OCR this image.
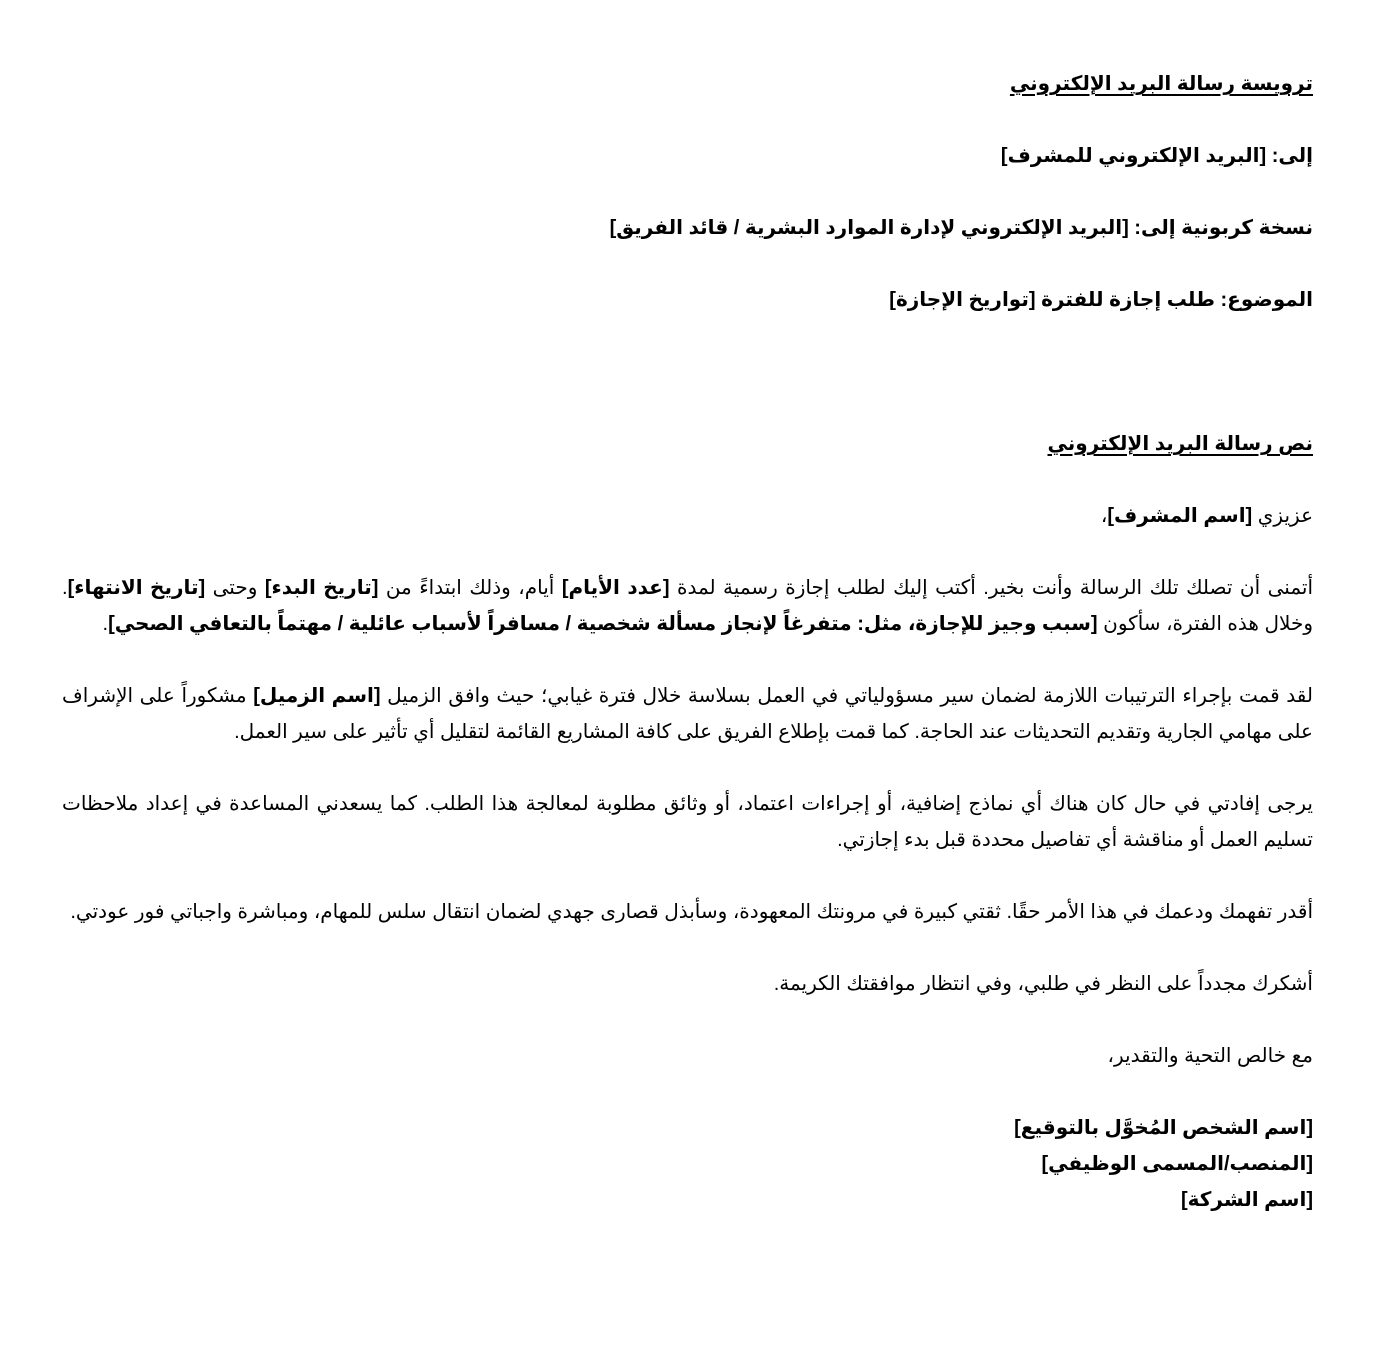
ترويسة رسالة البريد الإلكتروني

إلى: [البريد الإلكتروني للمشرف]

نسخة كربونية إلى: [البريد الإلكتروني لإدارة الموارد البشرية / قائد الفريق]

الموضوع: طلب إجازة للفترة [تواريخ الإجازة]

نص رسالة البريد الإلكتروني

عزيزي [اسم المشرف]،

أتمنى أن تصلك تلك الرسالة وأنت بخير. أكتب إليك لطلب إجازة رسمية لمدة [عدد الأيام] أيام، وذلك ابتداءً من [تاريخ البدء] وحتى [تاريخ الانتهاء]. وخلال هذه الفترة، سأكون [سبب وجيز للإجازة، مثل: متفرغاً لإنجاز مسألة شخصية / مسافراً لأسباب عائلية / مهتماً بالتعافي الصحي].

لقد قمت بإجراء الترتيبات اللازمة لضمان سير مسؤولياتي في العمل بسلاسة خلال فترة غيابي؛ حيث وافق الزميل [اسم الزميل] مشكوراً على الإشراف على مهامي الجارية وتقديم التحديثات عند الحاجة. كما قمت بإطلاع الفريق على كافة المشاريع القائمة لتقليل أي تأثير على سير العمل.

يرجى إفادتي في حال كان هناك أي نماذج إضافية، أو إجراءات اعتماد، أو وثائق مطلوبة لمعالجة هذا الطلب. كما يسعدني المساعدة في إعداد ملاحظات تسليم العمل أو مناقشة أي تفاصيل محددة قبل بدء إجازتي.

أقدر تفهمك ودعمك في هذا الأمر حقًا. ثقتي كبيرة في مرونتك المعهودة، وسأبذل قصارى جهدي لضمان انتقال سلس للمهام، ومباشرة واجباتي فور عودتي.

أشكرك مجدداً على النظر في طلبي، وفي انتظار موافقتك الكريمة.

مع خالص التحية والتقدير،

[اسم الشخص المُخوَّل بالتوقيع]

[المنصب/المسمى الوظيفي]

[اسم الشركة]
